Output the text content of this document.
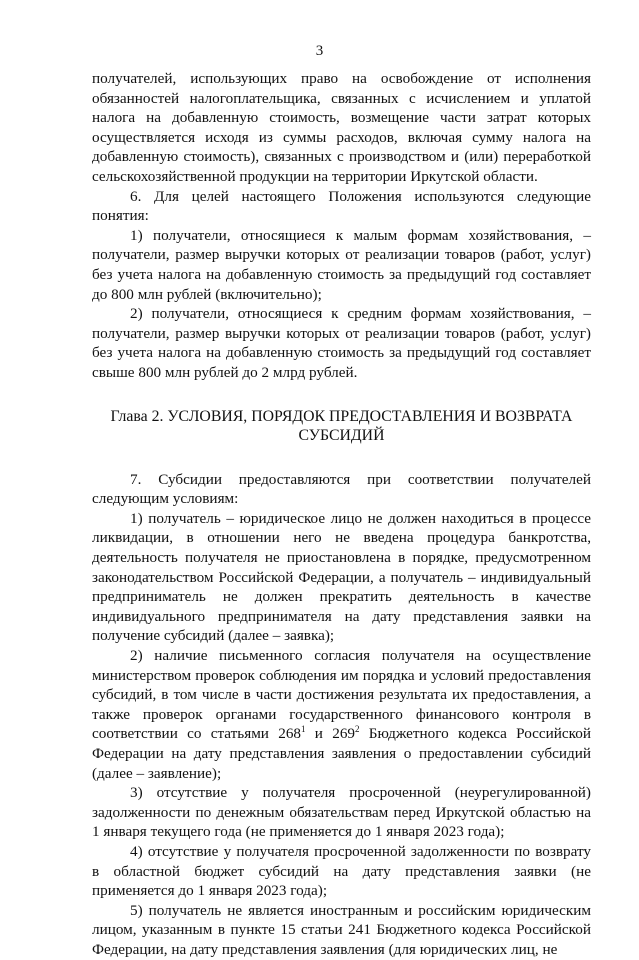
3

получателей, использующих право на освобождение от исполнения обязанностей налогоплательщика, связанных с исчислением и уплатой налога на добавленную стоимость, возмещение части затрат которых осуществляется исходя из суммы расходов, включая сумму налога на добавленную стоимость), связанных с производством и (или) переработкой сельскохозяйственной продукции на территории Иркутской области.

6. Для целей настоящего Положения используются следующие понятия:

1) получатели, относящиеся к малым формам хозяйствования, – получатели, размер выручки которых от реализации товаров (работ, услуг) без учета налога на добавленную стоимость за предыдущий год составляет до 800 млн рублей (включительно);

2) получатели, относящиеся к средним формам хозяйствования, – получатели, размер выручки которых от реализации товаров (работ, услуг) без учета налога на добавленную стоимость за предыдущий год составляет свыше 800 млн рублей до 2 млрд рублей.

Глава 2. УСЛОВИЯ, ПОРЯДОК ПРЕДОСТАВЛЕНИЯ И ВОЗВРАТА СУБСИДИЙ

7. Субсидии предоставляются при соответствии получателей следующим условиям:

1) получатель – юридическое лицо не должен находиться в процессе ликвидации, в отношении него не введена процедура банкротства, деятельность получателя не приостановлена в порядке, предусмотренном законодательством Российской Федерации, а получатель – индивидуальный предприниматель не должен прекратить деятельность в качестве индивидуального предпринимателя на дату представления заявки на получение субсидий (далее – заявка);

2) наличие письменного согласия получателя на осуществление министерством проверок соблюдения им порядка и условий предоставления субсидий, в том числе в части достижения результата их предоставления, а также проверок органами государственного финансового контроля в соответствии со статьями $268^1$ и $269^2$ Бюджетного кодекса Российской Федерации на дату представления заявления о предоставлении субсидий (далее – заявление);

3) отсутствие у получателя просроченной (неурегулированной) задолженности по денежным обязательствам перед Иркутской областью на 1 января текущего года (не применяется до 1 января 2023 года);

4) отсутствие у получателя просроченной задолженности по возврату в областной бюджет субсидий на дату представления заявки (не применяется до 1 января 2023 года);

5) получатель не является иностранным и российским юридическим лицом, указанным в пункте 15 статьи 241 Бюджетного кодекса Российской Федерации, на дату представления заявления (для юридических лиц, не
